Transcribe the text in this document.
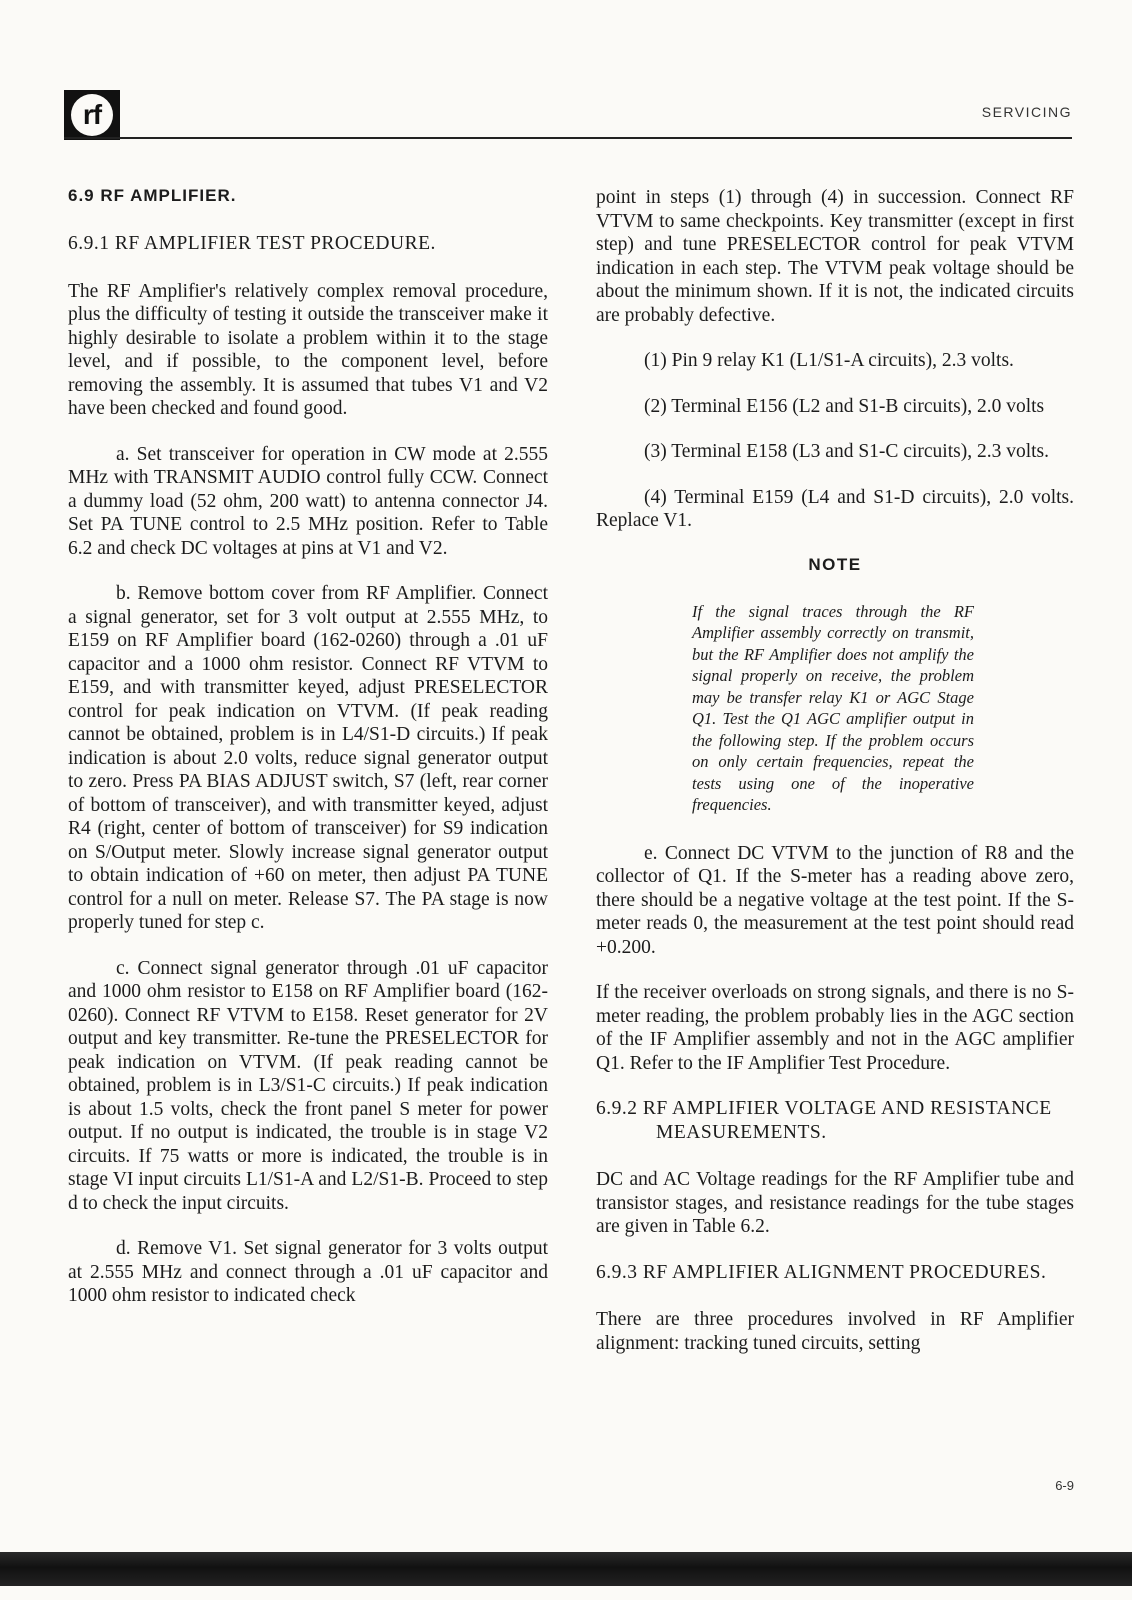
rf	SERVICING
6.9 RF AMPLIFIER.
6.9.1 RF AMPLIFIER TEST PROCEDURE.

The RF Amplifier's relatively complex removal procedure, plus the difficulty of testing it outside the transceiver make it highly desirable to isolate a problem within it to the stage level, and if possible, to the component level, before removing the assembly. It is assumed that tubes V1 and V2 have been checked and found good.

a. Set transceiver for operation in CW mode at 2.555 MHz with TRANSMIT AUDIO control fully CCW. Connect a dummy load (52 ohm, 200 watt) to antenna connector J4. Set PA TUNE control to 2.5 MHz position. Refer to Table 6.2 and check DC voltages at pins at V1 and V2.

b. Remove bottom cover from RF Amplifier. Connect a signal generator, set for 3 volt output at 2.555 MHz, to E159 on RF Amplifier board (162-0260) through a .01 uF capacitor and a 1000 ohm resistor. Connect RF VTVM to E159, and with transmitter keyed, adjust PRESELECTOR control for peak indication on VTVM. (If peak reading cannot be obtained, problem is in L4/S1-D circuits.) If peak indication is about 2.0 volts, reduce signal generator output to zero. Press PA BIAS ADJUST switch, S7 (left, rear corner of bottom of transceiver), and with transmitter keyed, adjust R4 (right, center of bottom of transceiver) for S9 indication on S/Output meter. Slowly increase signal generator output to obtain indication of +60 on meter, then adjust PA TUNE control for a null on meter. Release S7. The PA stage is now properly tuned for step c.

c. Connect signal generator through .01 uF capacitor and 1000 ohm resistor to E158 on RF Amplifier board (162-0260). Connect RF VTVM to E158. Reset generator for 2V output and key transmitter. Re-tune the PRESELECTOR for peak indication on VTVM. (If peak reading cannot be obtained, problem is in L3/S1-C circuits.) If peak indication is about 1.5 volts, check the front panel S meter for power output. If no output is indicated, the trouble is in stage V2 circuits. If 75 watts or more is indicated, the trouble is in stage VI input circuits L1/S1-A and L2/S1-B. Proceed to step d to check the input circuits.

d. Remove V1. Set signal generator for 3 volts output at 2.555 MHz and connect through a .01 uF capacitor and 1000 ohm resistor to indicated check

point in steps (1) through (4) in succession. Connect RF VTVM to same checkpoints. Key transmitter (except in first step) and tune PRESELECTOR control for peak VTVM indication in each step. The VTVM peak voltage should be about the minimum shown. If it is not, the indicated circuits are probably defective.

(1) Pin 9 relay K1 (L1/S1-A circuits), 2.3 volts.

(2) Terminal E156 (L2 and S1-B circuits), 2.0 volts

(3) Terminal E158 (L3 and S1-C circuits), 2.3 volts.

(4) Terminal E159 (L4 and S1-D circuits), 2.0 volts. Replace V1.

NOTE
If the signal traces through the RF Amplifier assembly correctly on transmit, but the RF Amplifier does not amplify the signal properly on receive, the problem may be transfer relay K1 or AGC Stage Q1. Test the Q1 AGC amplifier output in the following step. If the problem occurs on only certain frequencies, repeat the tests using one of the inoperative frequencies.

e. Connect DC VTVM to the junction of R8 and the collector of Q1. If the S-meter has a reading above zero, there should be a negative voltage at the test point. If the S-meter reads 0, the measurement at the test point should read +0.200.

If the receiver overloads on strong signals, and there is no S-meter reading, the problem probably lies in the AGC section of the IF Amplifier assembly and not in the AGC amplifier Q1. Refer to the IF Amplifier Test Procedure.

6.9.2 RF AMPLIFIER VOLTAGE AND RESISTANCE MEASUREMENTS.

DC and AC Voltage readings for the RF Amplifier tube and transistor stages, and resistance readings for the tube stages are given in Table 6.2.

6.9.3 RF AMPLIFIER ALIGNMENT PROCEDURES.

There are three procedures involved in RF Amplifier alignment: tracking tuned circuits, setting

6-9
